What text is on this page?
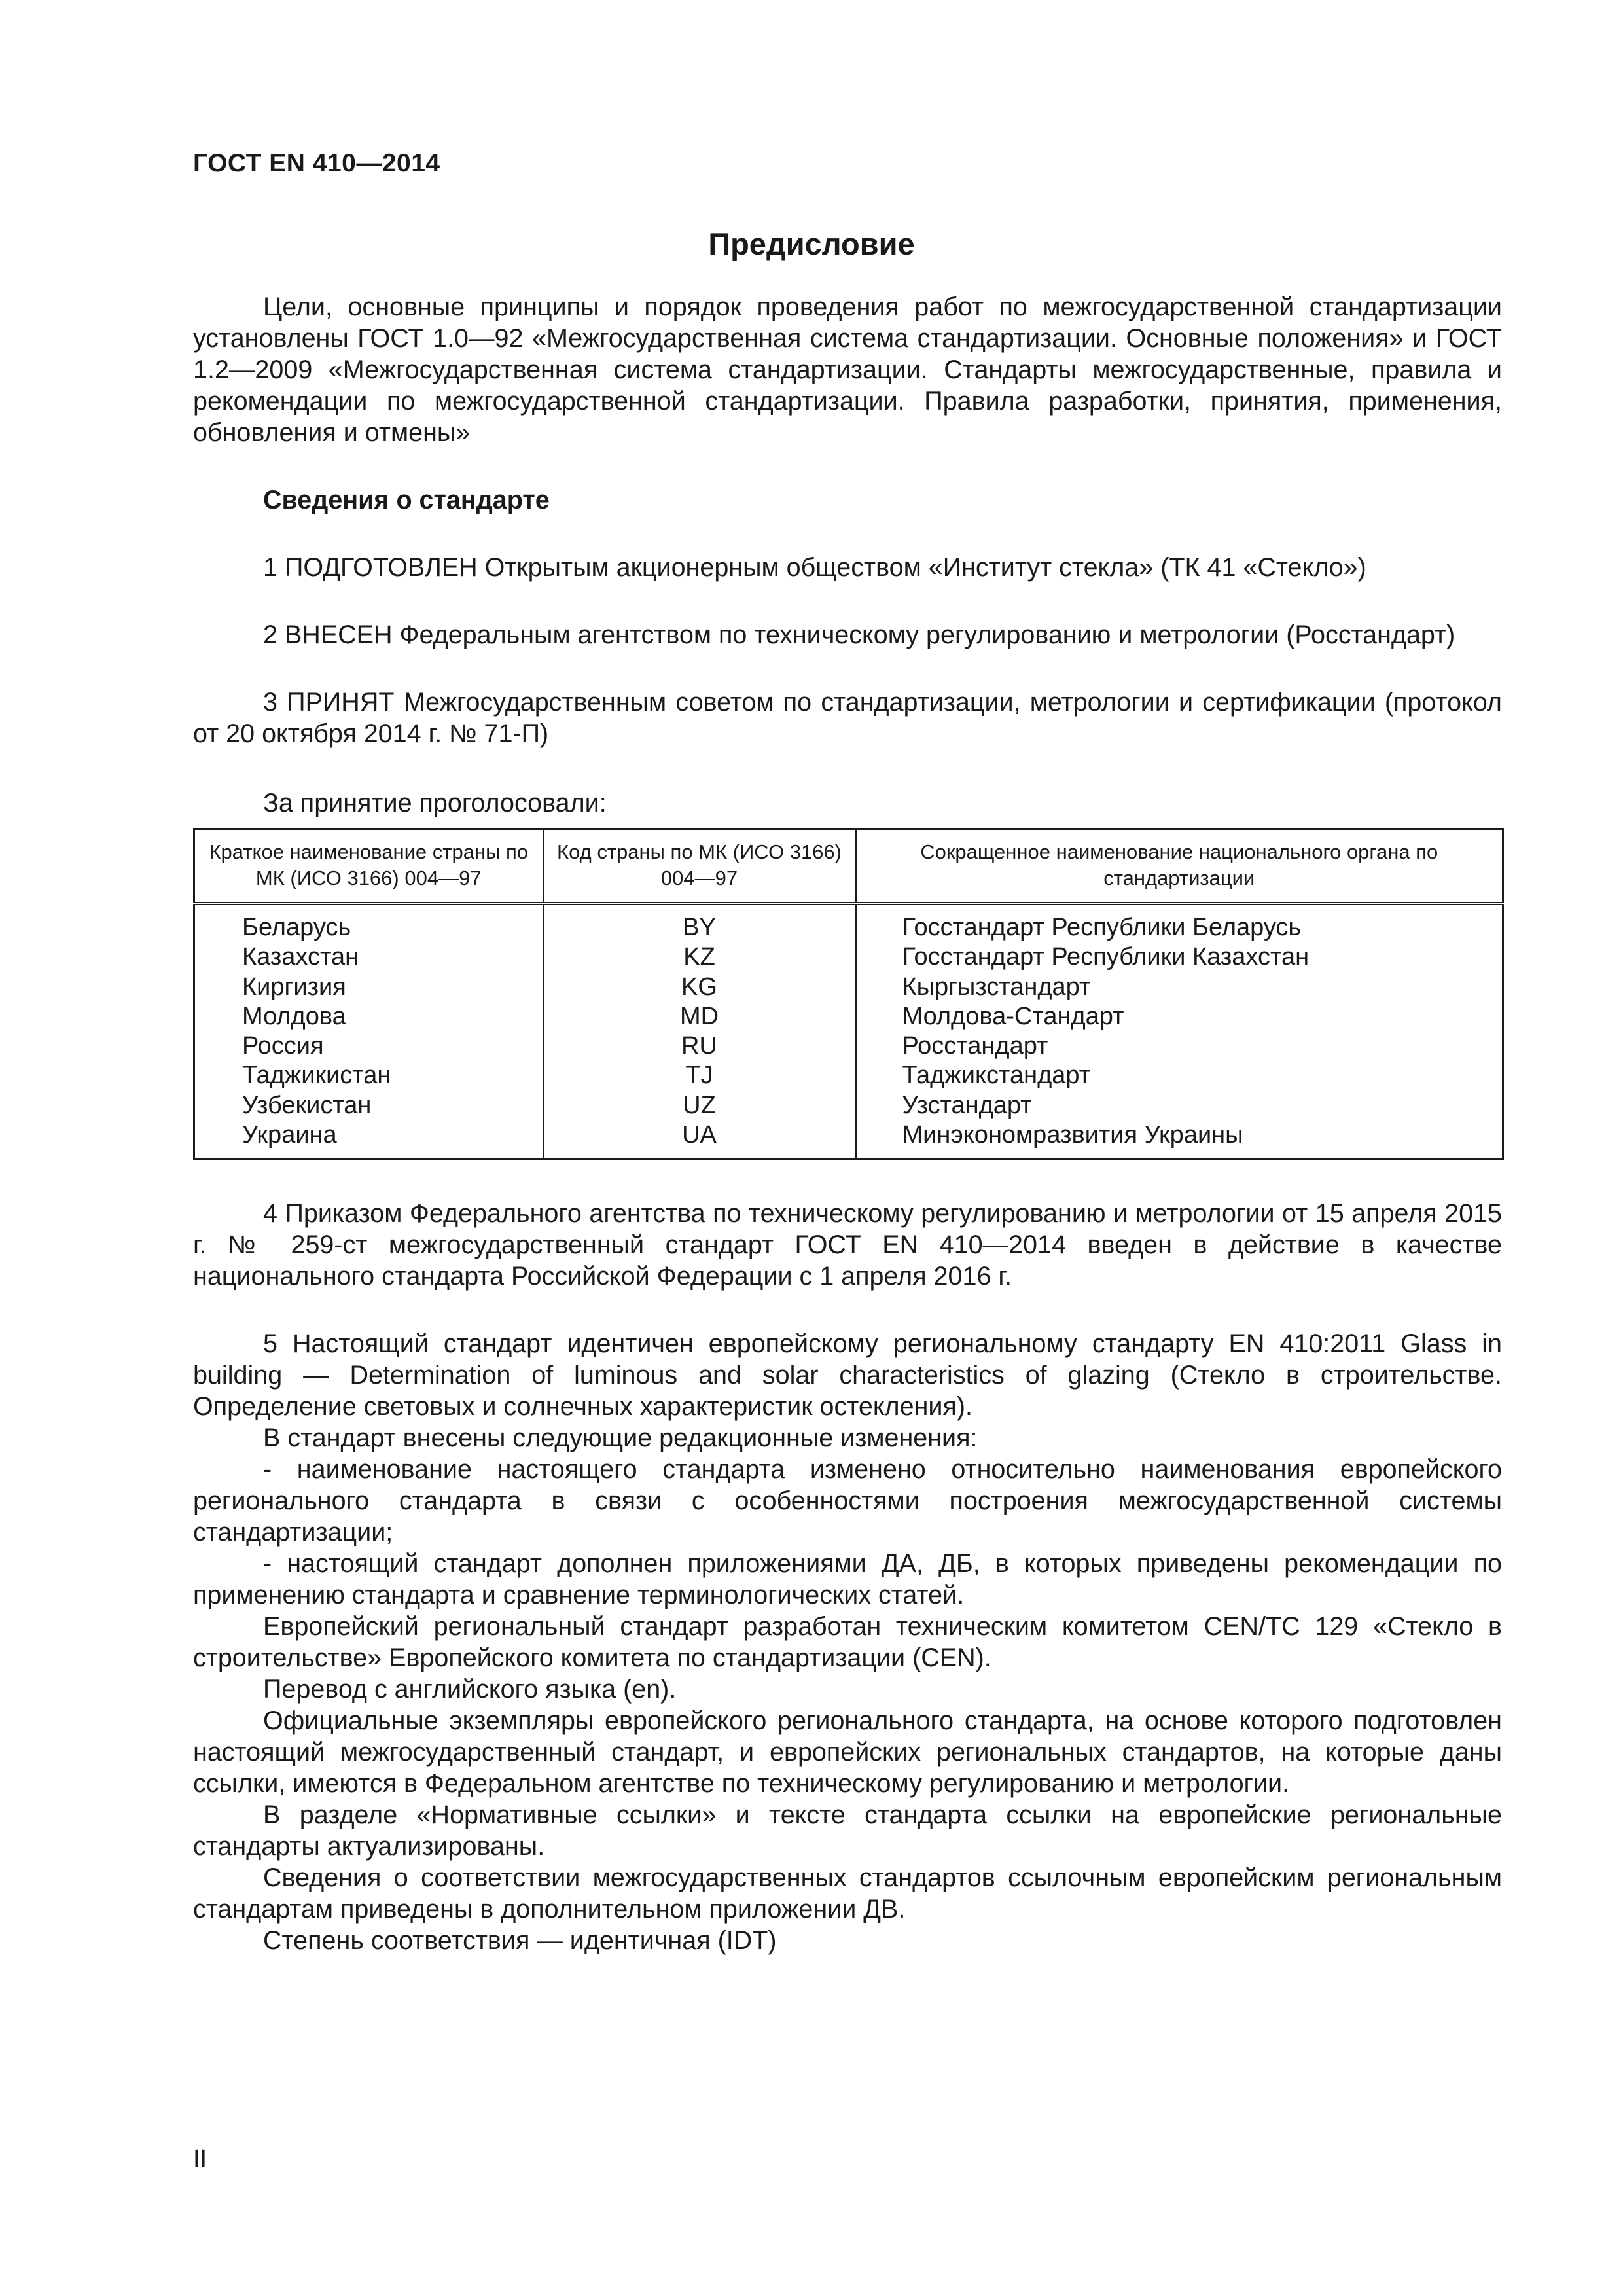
ГОСТ EN 410—2014
Предисловие

Цели, основные принципы и порядок проведения работ по межгосударственной стандартизации установлены ГОСТ 1.0—92 «Межгосударственная система стандартизации. Основные положения» и ГОСТ 1.2—2009 «Межгосударственная система стандартизации. Стандарты межгосударственные, правила и рекомендации по межгосударственной стандартизации. Правила разработки, принятия, применения, обновления и отмены»

Сведения о стандарте

1 ПОДГОТОВЛЕН Открытым акционерным обществом «Институт стекла» (ТК 41 «Стекло»)

2 ВНЕСЕН Федеральным агентством по техническому регулированию и метрологии (Росстандарт)

3 ПРИНЯТ Межгосударственным советом по стандартизации, метрологии и сертификации (протокол от 20 октября 2014 г. № 71-П)

За принятие проголосовали:

Краткое наименование страны по МК (ИСО 3166) 004—97	Код страны по МК (ИСО 3166) 004—97	Сокращенное наименование национального органа по стандартизации
Беларусь	BY	Госстандарт Республики Беларусь
Казахстан	KZ	Госстандарт Республики Казахстан
Киргизия	KG	Кыргызстандарт
Молдова	MD	Молдова-Стандарт
Россия	RU	Росстандарт
Таджикистан	TJ	Таджикстандарт
Узбекистан	UZ	Узстандарт
Украина	UA	Минэкономразвития Украины

4 Приказом Федерального агентства по техническому регулированию и метрологии от 15 апреля 2015 г. № 259-ст межгосударственный стандарт ГОСТ EN 410—2014 введен в действие в качестве национального стандарта Российской Федерации с 1 апреля 2016 г.

5 Настоящий стандарт идентичен европейскому региональному стандарту EN 410:2011 Glass in building — Determination of luminous and solar characteristics of glazing (Стекло в строительстве. Определение световых и солнечных характеристик остекления).

В стандарт внесены следующие редакционные изменения:

- наименование настоящего стандарта изменено относительно наименования европейского регионального стандарта в связи с особенностями построения межгосударственной системы стандартизации;

- настоящий стандарт дополнен приложениями ДА, ДБ, в которых приведены рекомендации по применению стандарта и сравнение терминологических статей.

Европейский региональный стандарт разработан техническим комитетом CEN/TC 129 «Стекло в строительстве» Европейского комитета по стандартизации (CEN).

Перевод с английского языка (en).

Официальные экземпляры европейского регионального стандарта, на основе которого подготовлен настоящий межгосударственный стандарт, и европейских региональных стандартов, на которые даны ссылки, имеются в Федеральном агентстве по техническому регулированию и метрологии.

В разделе «Нормативные ссылки» и тексте стандарта ссылки на европейские региональные стандарты актуализированы.

Сведения о соответствии межгосударственных стандартов ссылочным европейским региональным стандартам приведены в дополнительном приложении ДВ.

Степень соответствия — идентичная (IDT)

II
